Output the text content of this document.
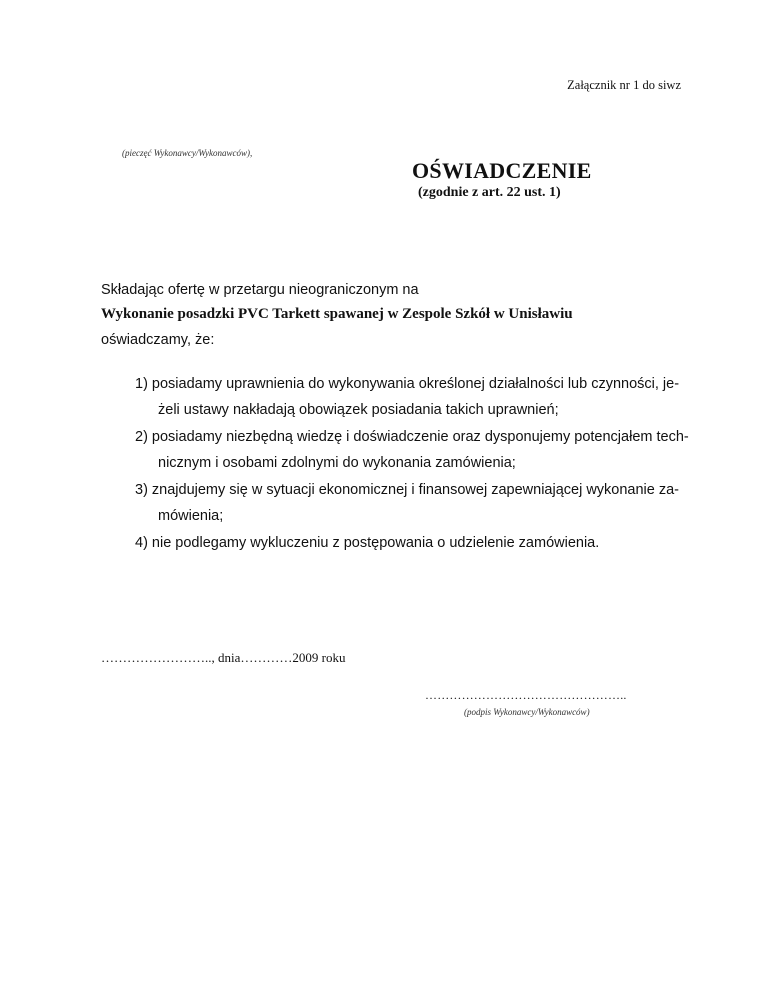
Załącznik nr 1 do siwz
(pieczęć Wykonawcy/Wykonawców),
OŚWIADCZENIE
(zgodnie z art. 22 ust. 1)
Składając ofertę w przetargu nieograniczonym na
Wykonanie posadzki PVC Tarkett spawanej w Zespole Szkół w Unisławiu
oświadczamy, że:
1) posiadamy uprawnienia do wykonywania określonej działalności lub czynności, je-
żeli ustawy nakładają obowiązek posiadania takich uprawnień;
2) posiadamy niezbędną wiedzę i doświadczenie oraz dysponujemy potencjałem tech-
nicznym i osobami zdolnymi do wykonania zamówienia;
3) znajdujemy się w sytuacji ekonomicznej i finansowej zapewniającej wykonanie za-
mówienia;
4) nie podlegamy wykluczeniu z postępowania o udzielenie zamówienia.
…………………….., dnia…………2009 roku
…………………………………………..
(podpis Wykonawcy/Wykonawców)
